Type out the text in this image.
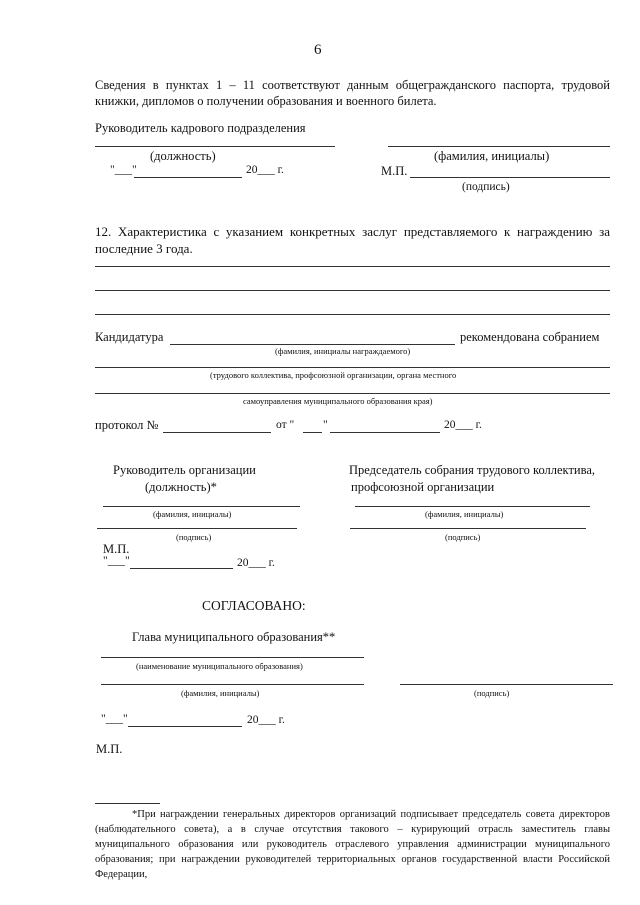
6
Сведения в пунктах 1 – 11 соответствуют данным общегражданского паспорта, трудовой книжки, дипломов о получении образования и военного билета.
Руководитель кадрового подразделения
(должность)	(фамилия, инициалы)
"___"	20___ г.	М.П.
(подпись)
12. Характеристика с указанием конкретных заслуг представляемого к награждению за последние 3 года.
Кандидатура	рекомендована собранием
(фамилия, инициалы награждаемого)
(трудового коллектива, профсоюзной организации, органа местного
самоуправления муниципального образования края)
протокол №	от "	"	20___ г.
Руководитель организации
(должность)*
Председатель собрания трудового коллектива,
профсоюзной организации
(фамилия, инициалы)	(фамилия, инициалы)
(подпись)	(подпись)
М.П.
"___"	20___ г.
СОГЛАСОВАНО:
Глава муниципального образования**
(наименование муниципального образования)
(фамилия, инициалы)	(подпись)
"___"	20___ г.
М.П.
*При награждении генеральных директоров организаций подписывает председатель совета директоров (наблюдательного совета), а в случае отсутствия такового – курирующий отрасль заместитель главы муниципального образования или руководитель отраслевого управления администрации муниципального образования; при награждении руководителей территориальных органов государственной власти Российской Федерации,
